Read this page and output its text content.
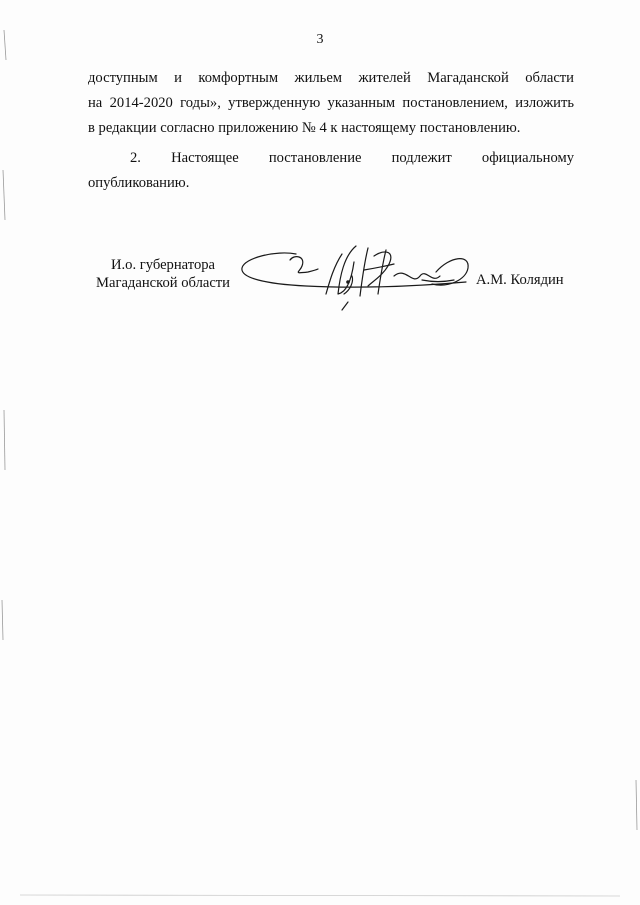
3
доступным и комфортным жильем жителей Магаданской области
на 2014-2020 годы», утвержденную указанным постановлением, изложить
в редакции согласно приложению № 4 к настоящему постановлению.
2. Настоящее постановление подлежит официальному
опубликованию.
И.о. губернатора
Магаданской области	А.М. Колядин
